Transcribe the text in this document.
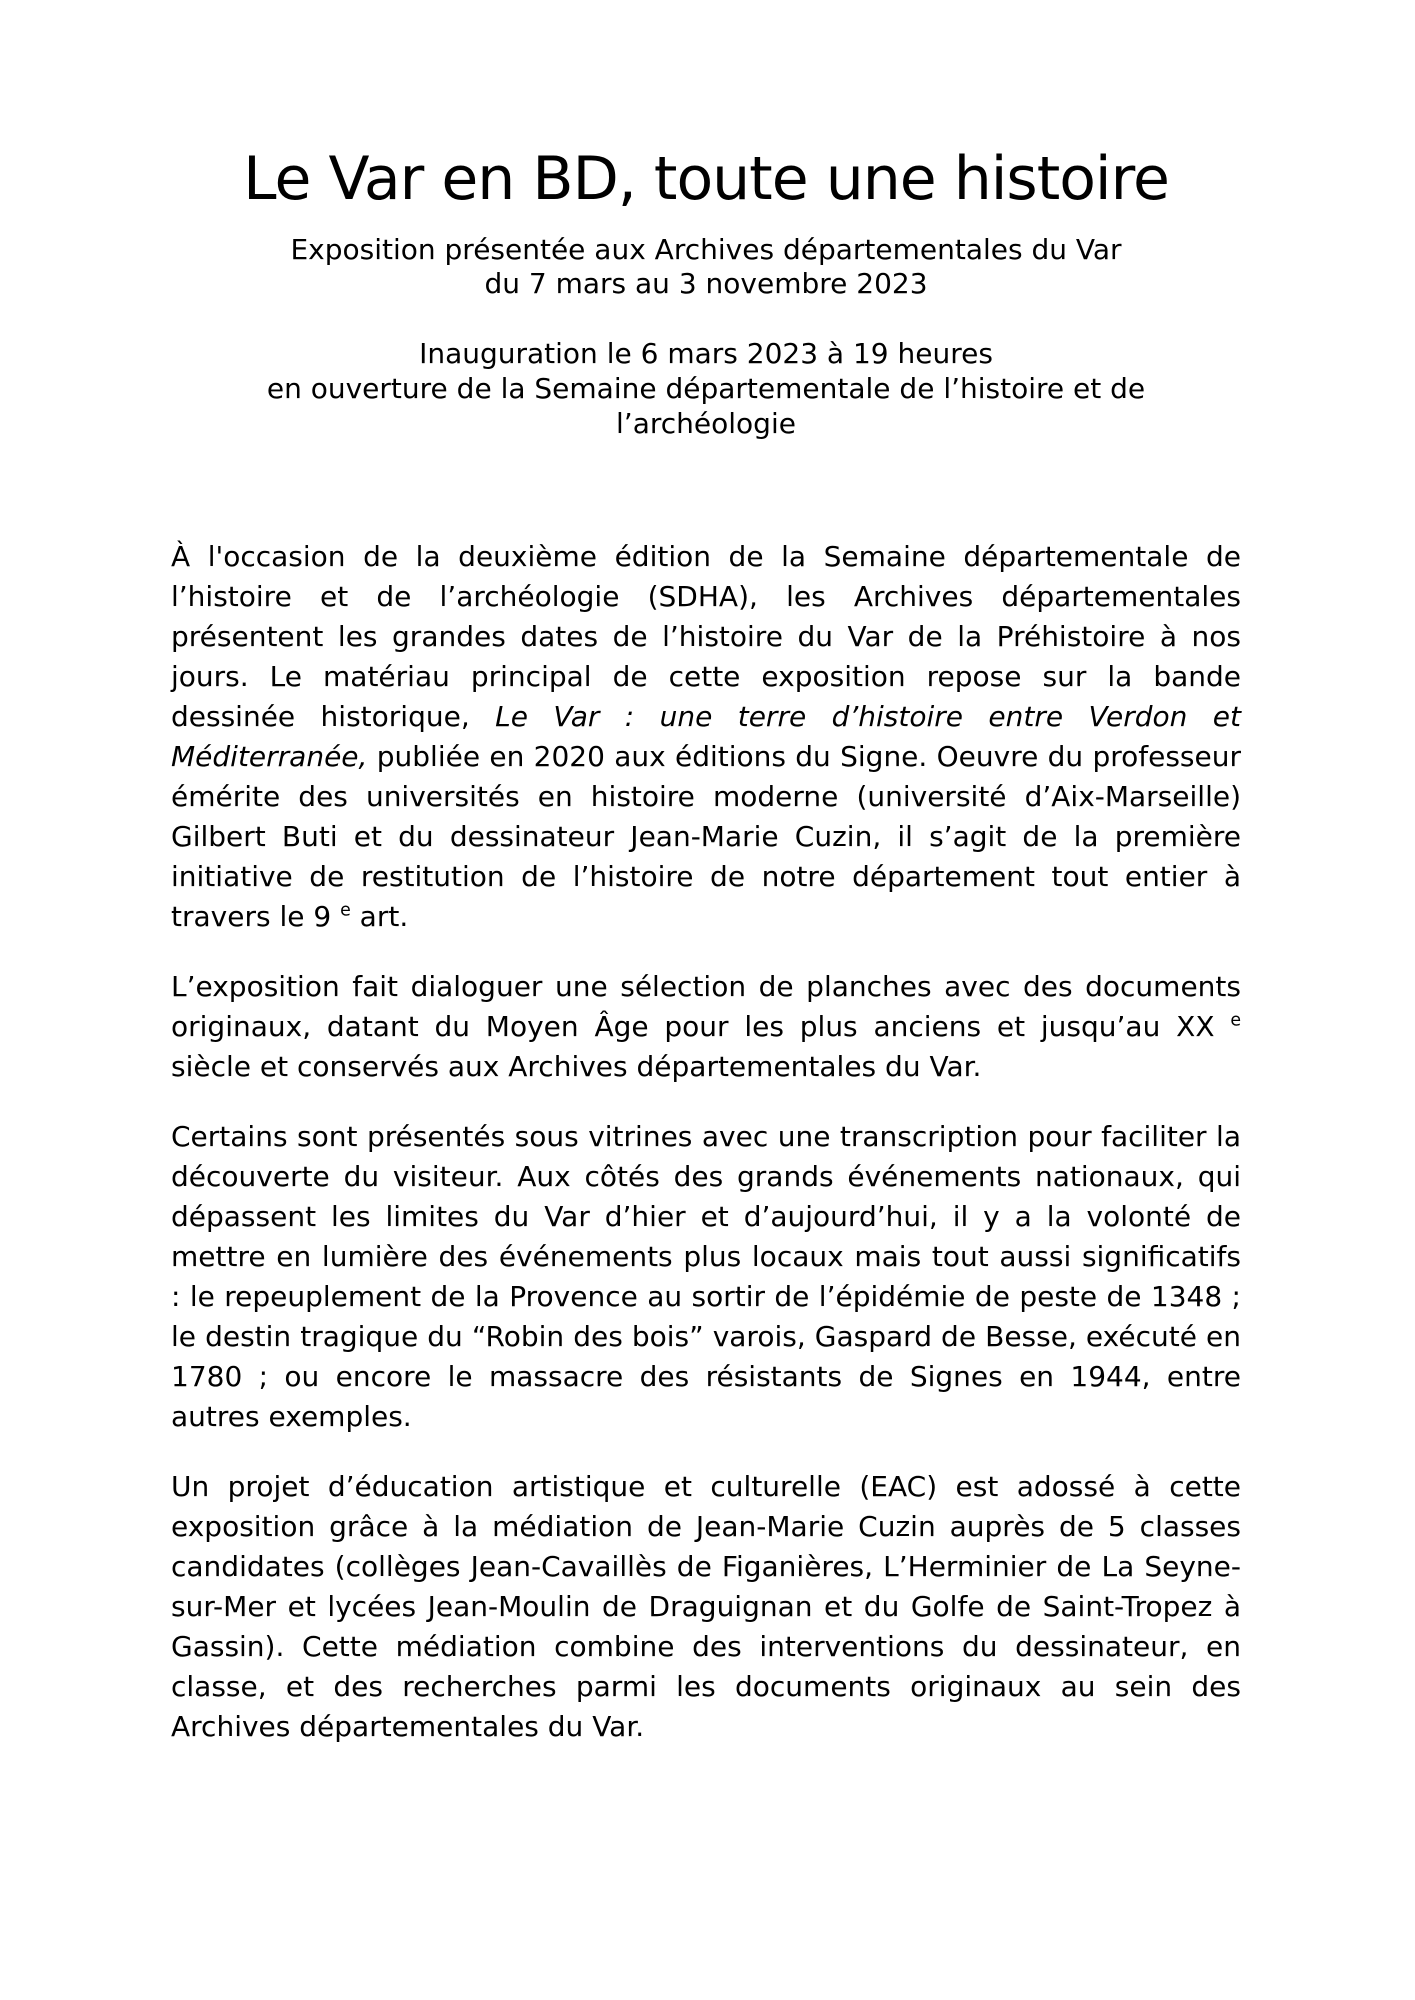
Le Var en BD, toute une histoire
Exposition présentée aux Archives départementales du Var
du 7 mars au 3 novembre 2023
Inauguration le 6 mars 2023 à 19 heures
en ouverture de la Semaine départementale de l’histoire et de
l’archéologie

À l'occasion de la deuxième édition de la Semaine départementale de l’histoire et de l’archéologie (SDHA), les Archives départementales présentent les grandes dates de l’histoire du Var de la Préhistoire à nos jours. Le matériau principal de cette exposition repose sur la bande dessinée historique, Le Var : une terre d’histoire entre Verdon et Méditerranée, publiée en 2020 aux éditions du Signe. Oeuvre du professeur émérite des universités en histoire moderne (université d’Aix-Marseille) Gilbert Buti et du dessinateur Jean-Marie Cuzin, il s’agit de la première initiative de restitution de l’histoire de notre département tout entier à travers le 9 $^e$ art.

L’exposition fait dialoguer une sélection de planches avec des documents originaux, datant du Moyen Âge pour les plus anciens et jusqu’au XX $^e$ siècle et conservés aux Archives départementales du Var.

Certains sont présentés sous vitrines avec une transcription pour faciliter la découverte du visiteur. Aux côtés des grands événements nationaux, qui dépassent les limites du Var d’hier et d’aujourd’hui, il y a la volonté de mettre en lumière des événements plus locaux mais tout aussi significatifs : le repeuplement de la Provence au sortir de l’épidémie de peste de 1348 ; le destin tragique du “Robin des bois” varois, Gaspard de Besse, exécuté en 1780 ; ou encore le massacre des résistants de Signes en 1944, entre autres exemples.

Un projet d’éducation artistique et culturelle (EAC) est adossé à cette exposition grâce à la médiation de Jean-Marie Cuzin auprès de 5 classes candidates (collèges Jean-Cavaillès de Figanières, L’Herminier de La Seyne-sur-Mer et lycées Jean-Moulin de Draguignan et du Golfe de Saint-Tropez à Gassin). Cette médiation combine des interventions du dessinateur, en classe, et des recherches parmi les documents originaux au sein des Archives départementales du Var.
